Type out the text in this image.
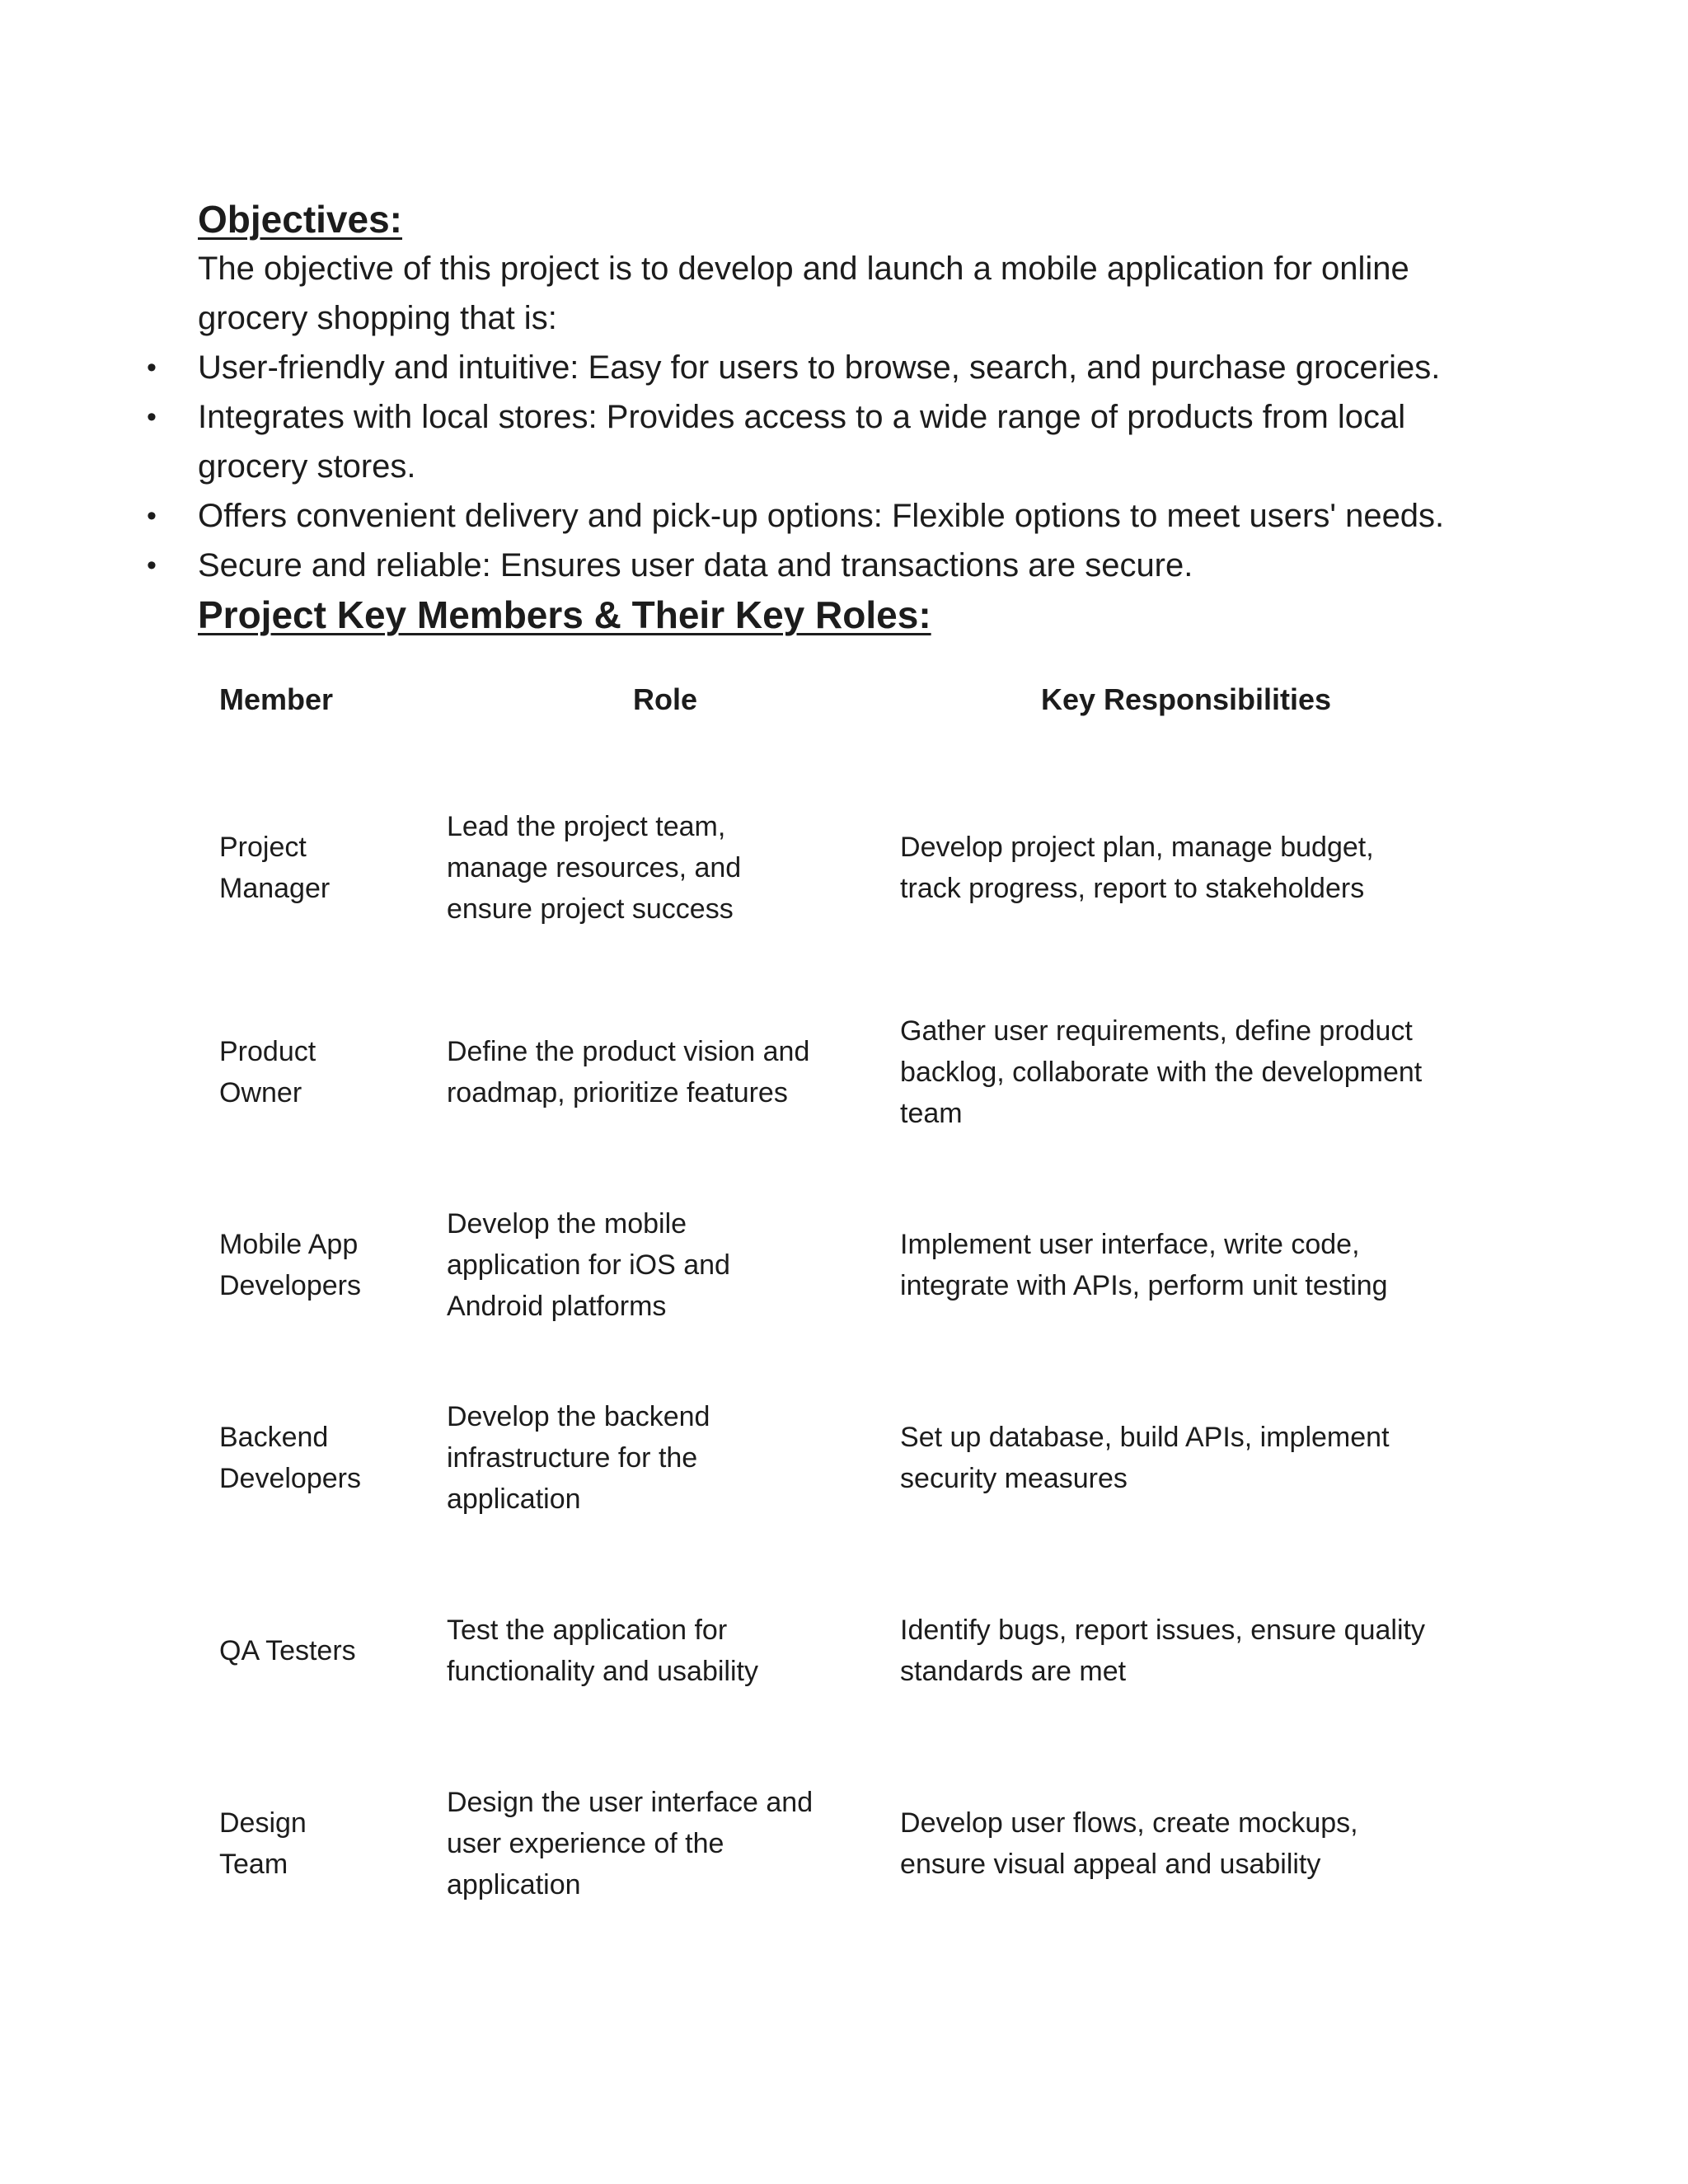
Objectives:

The objective of this project is to develop and launch a mobile application for online grocery shopping that is:

• User-friendly and intuitive: Easy for users to browse, search, and purchase groceries.
• Integrates with local stores: Provides access to a wide range of products from local grocery stores.
• Offers convenient delivery and pick-up options: Flexible options to meet users' needs.
• Secure and reliable: Ensures user data and transactions are secure.
Project Key Members & Their Key Roles:
Member	Role	Key Responsibilities

Project
Manager	Lead the project team,
manage resources, and
ensure project success	Develop project plan, manage budget,
track progress, report to stakeholders

Product
Owner	Define the product vision and
roadmap, prioritize features	Gather user requirements, define product
backlog, collaborate with the development
team

Mobile App
Developers	Develop the mobile
application for iOS and
Android platforms	Implement user interface, write code,
integrate with APIs, perform unit testing

Backend
Developers	Develop the backend
infrastructure for the
application	Set up database, build APIs, implement
security measures

QA Testers	Test the application for
functionality and usability	Identify bugs, report issues, ensure quality
standards are met

Design
Team	Design the user interface and
user experience of the
application	Develop user flows, create mockups,
ensure visual appeal and usability
